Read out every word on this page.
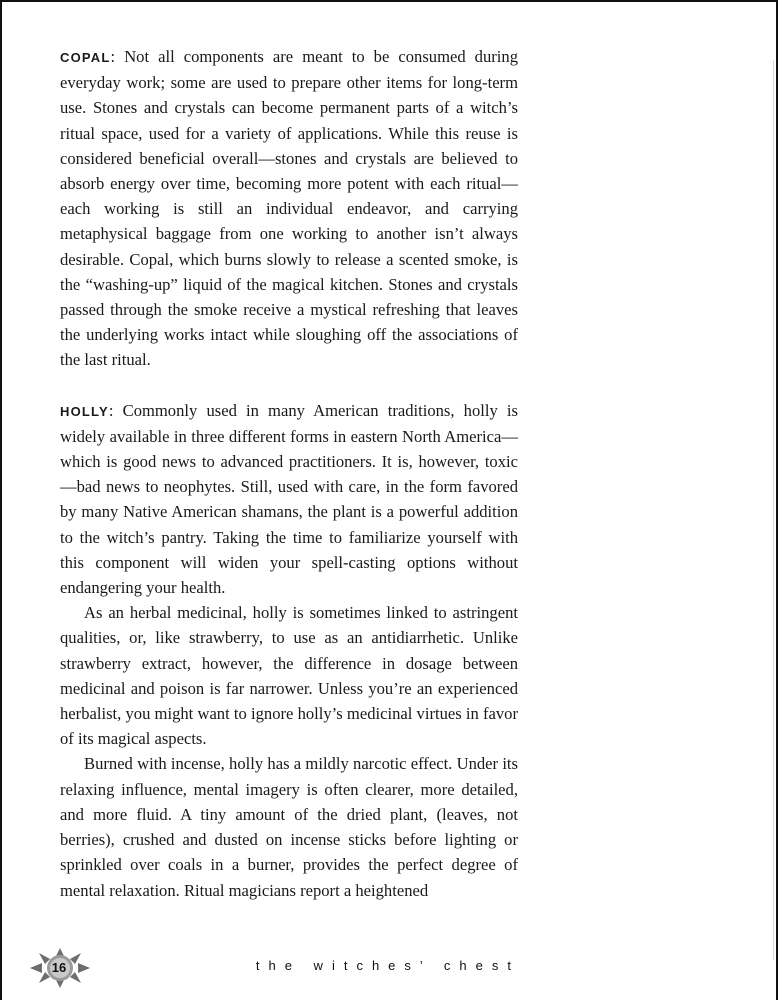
COPAL: Not all components are meant to be consumed during everyday work; some are used to prepare other items for long-term use. Stones and crystals can become permanent parts of a witch’s ritual space, used for a variety of applications. While this reuse is considered beneficial overall—stones and crystals are believed to absorb energy over time, becoming more potent with each ritual—each working is still an individual endeavor, and carrying metaphysical baggage from one working to another isn’t always desirable. Copal, which burns slowly to release a scented smoke, is the “washing-up” liquid of the magical kitchen. Stones and crystals passed through the smoke receive a mystical refreshing that leaves the underlying works intact while sloughing off the associations of the last ritual.

HOLLY: Commonly used in many American traditions, holly is widely available in three different forms in eastern North America—which is good news to advanced practitioners. It is, however, toxic—bad news to neophytes. Still, used with care, in the form favored by many Native American shamans, the plant is a powerful addition to the witch’s pantry. Taking the time to familiarize yourself with this component will widen your spell-casting options without endangering your health.

As an herbal medicinal, holly is sometimes linked to astringent qualities, or, like strawberry, to use as an antidiarrhetic. Unlike strawberry extract, however, the difference in dosage between medicinal and poison is far narrower. Unless you’re an experienced herbalist, you might want to ignore holly’s medicinal virtues in favor of its magical aspects.

Burned with incense, holly has a mildly narcotic effect. Under its relaxing influence, mental imagery is often clearer, more detailed, and more fluid. A tiny amount of the dried plant, (leaves, not berries), crushed and dusted on incense sticks before lighting or sprinkled over coals in a burner, provides the perfect degree of mental relaxation. Ritual magicians report a heightened

16	the witches’ chest
